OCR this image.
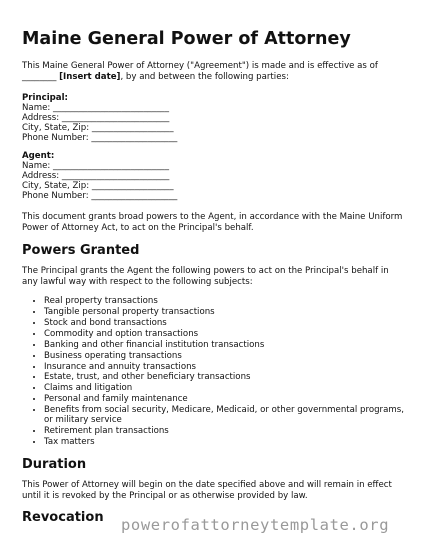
Maine General Power of Attorney

This Maine General Power of Attorney ("Agreement") is made and is effective as of
________ [Insert date], by and between the following parties:

Principal:
Name: ___________________________
Address: _________________________
City, State, Zip: ___________________
Phone Number: ____________________
Agent:
Name: ___________________________
Address: _________________________
City, State, Zip: ___________________
Phone Number: ____________________

This document grants broad powers to the Agent, in accordance with the Maine Uniform Power of Attorney Act, to act on the Principal's behalf.

Powers Granted

The Principal grants the Agent the following powers to act on the Principal's behalf in any lawful way with respect to the following subjects:

• Real property transactions
• Tangible personal property transactions
• Stock and bond transactions
• Commodity and option transactions
• Banking and other financial institution transactions
• Business operating transactions
• Insurance and annuity transactions
• Estate, trust, and other beneficiary transactions
• Claims and litigation
• Personal and family maintenance
• Benefits from social security, Medicare, Medicaid, or other governmental programs, or military service
• Retirement plan transactions
• Tax matters
Duration

This Power of Attorney will begin on the date specified above and will remain in effect until it is revoked by the Principal or as otherwise provided by law.

Revocation	powerofattorneytemplate.org
